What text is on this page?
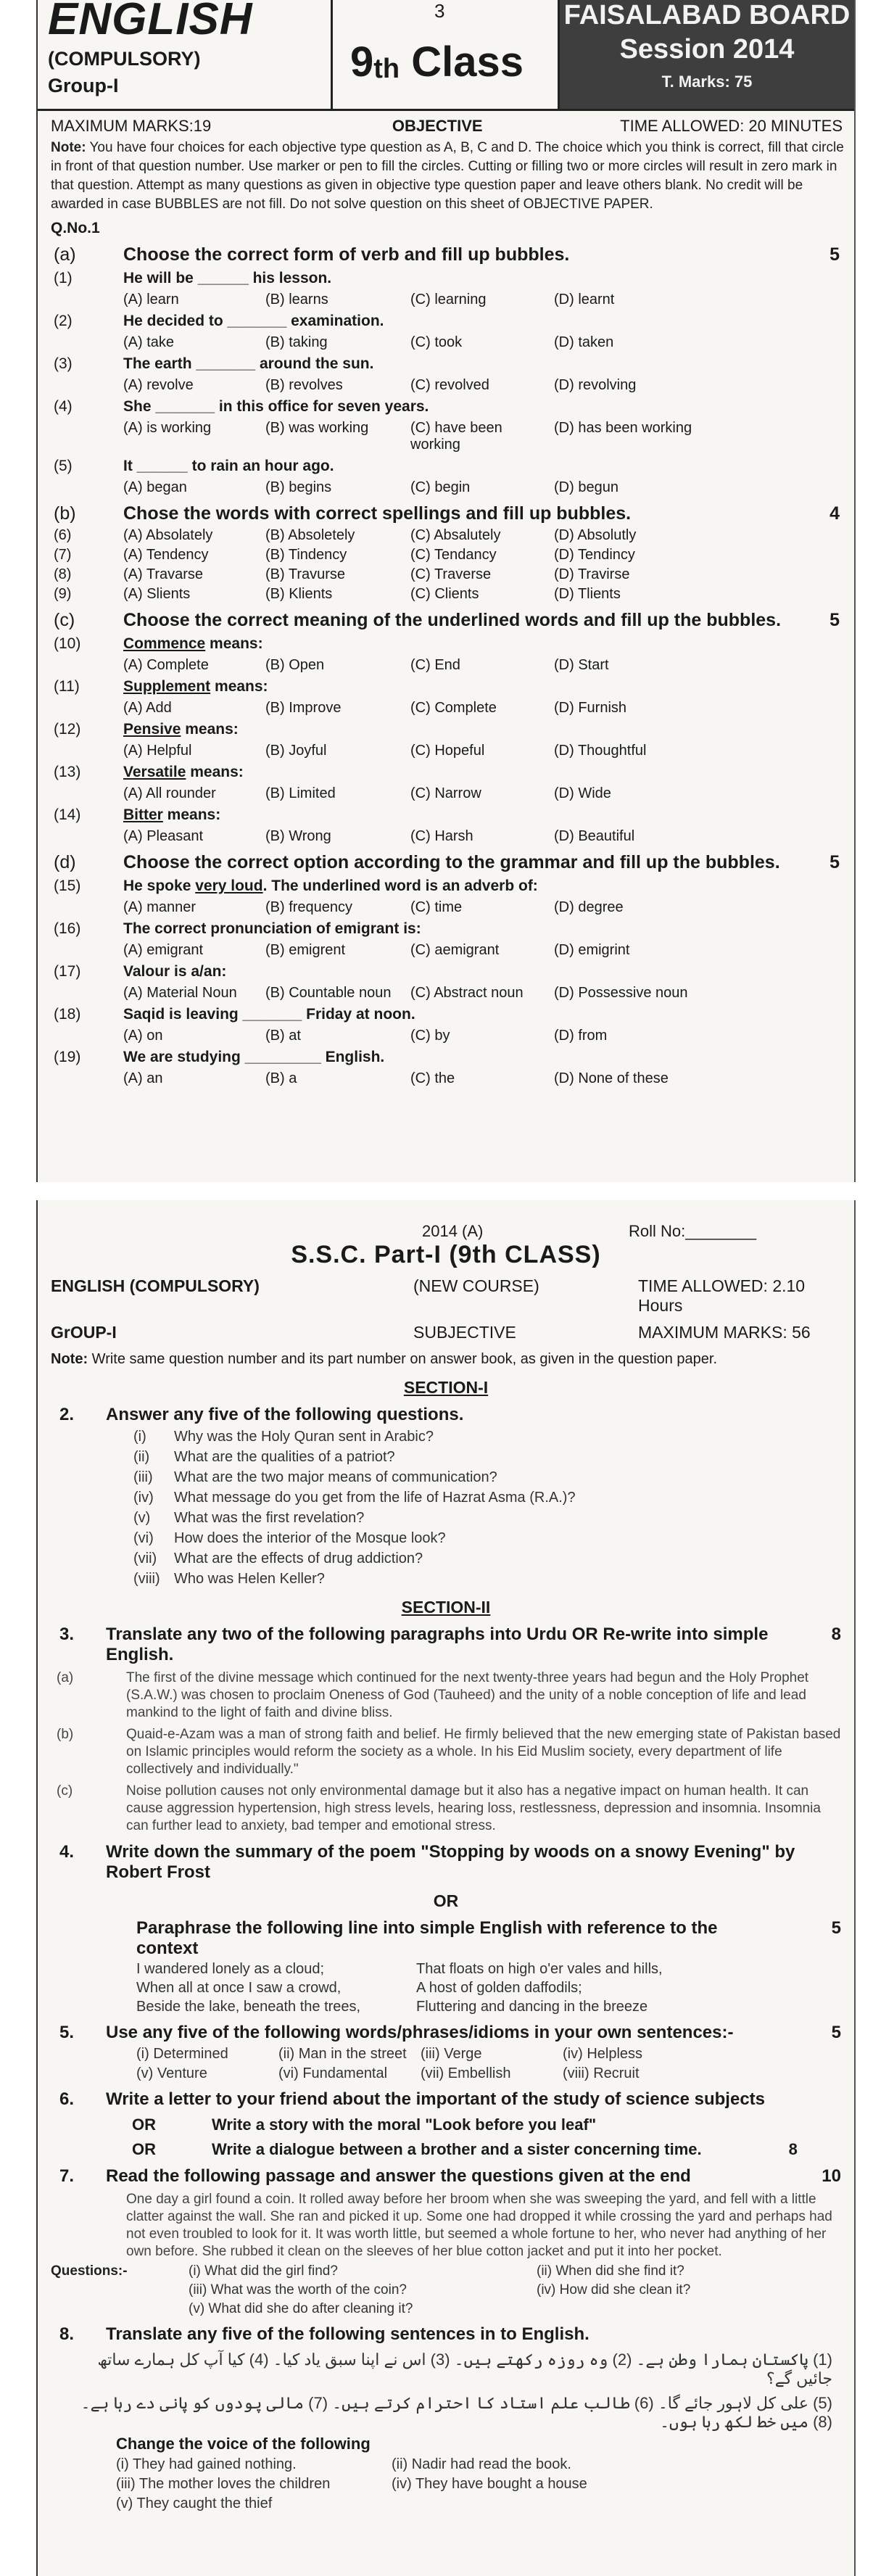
ENGLISH
(COMPULSORY)
Group-I
3
9th Class
FAISALABAD BOARD
Session 2014
T. Marks: 75
MAXIMUM MARKS:19	OBJECTIVE	TIME ALLOWED: 20 MINUTES
Note: You have four choices for each objective type question as A, B, C and D. The choice which you think is correct, fill that circle in front of that question number. Use marker or pen to fill the circles. Cutting or filling two or more circles will result in zero mark in that question. Attempt as many questions as given in objective type question paper and leave others blank. No credit will be awarded in case BUBBLES are not fill. Do not solve question on this sheet of OBJECTIVE PAPER.
Q.No.1
(a)	Choose the correct form of verb and fill up bubbles.	5
(1)	He will be ______ his lesson.
(A) learn	(B) learns	(C) learning	(D) learnt
(2)	He decided to _______ examination.
(A) take	(B) taking	(C) took	(D) taken
(3)	The earth _______ around the sun.
(A) revolve	(B) revolves	(C) revolved	(D) revolving
(4)	She _______ in this office for seven years.
(A) is working	(B) was working	(C) have been working
(D) has been working
(5)	It ______ to rain an hour ago.
(A) began	(B) begins	(C) begin	(D) begun
(b)	Chose the words with correct spellings and fill up bubbles.	4
(6)	(A) Absolately	(B) Absoletely	(C) Absalutely	(D) Absolutly
(7)	(A) Tendency	(B) Tindency	(C) Tendancy	(D) Tendincy
(8)	(A) Travarse	(B) Travurse	(C) Traverse	(D) Travirse
(9)	(A) Slients	(B) Klients	(C) Clients	(D) Tlients
(c)	Choose the correct meaning of the underlined words and fill up the bubbles.	5
(10)	Commence means:
(A) Complete	(B) Open	(C) End	(D) Start
(11)	Supplement means:
(A) Add	(B) Improve	(C) Complete	(D) Furnish
(12)	Pensive means:
(A) Helpful	(B) Joyful	(C) Hopeful	(D) Thoughtful
(13)	Versatile means:
(A) All rounder	(B) Limited	(C) Narrow	(D) Wide
(14)	Bitter means:
(A) Pleasant	(B) Wrong	(C) Harsh	(D) Beautiful
(d)	Choose the correct option according to the grammar and fill up the bubbles.	5
(15)	He spoke very loud. The underlined word is an adverb of:
(A) manner	(B) frequency	(C) time	(D) degree
(16)	The correct pronunciation of emigrant is:
(A) emigrant	(B) emigrent	(C) aemigrant	(D) emigrint
(17)	Valour is a/an:
(A) Material Noun	(B) Countable noun	(C) Abstract noun	(D) Possessive noun
(18)	Saqid is leaving _______ Friday at noon.
(A) on	(B) at	(C) by	(D) from
(19)	We are studying _________ English.
(A) an	(B) a	(C) the	(D) None of these
2014 (A)	Roll No:________
S.S.C. Part-I (9th CLASS)
ENGLISH (COMPULSORY)	(NEW COURSE)	TIME ALLOWED: 2.10 Hours
GrOUP-I	SUBJECTIVE	MAXIMUM MARKS: 56
Note: Write same question number and its part number on answer book, as given in the question paper.
SECTION-I
2.	Answer any five of the following questions.
(i)	Why was the Holy Quran sent in Arabic?
(ii)	What are the qualities of a patriot?
(iii)	What are the two major means of communication?
(iv)	What message do you get from the life of Hazrat Asma (R.A.)?
(v)	What was the first revelation?
(vi)	How does the interior of the Mosque look?
(vii)	What are the effects of drug addiction?
(viii) Who was Helen Keller?
SECTION-II
3.	Translate any two of the following paragraphs into Urdu OR Re-write into simple English.
8
(a)	The first of the divine message which continued for the next twenty-three years had begun and the Holy Prophet (S.A.W.) was chosen to proclaim Oneness of God (Tauheed) and the unity of a noble conception of life and lead mankind to the light of faith and divine bliss.
(b)	Quaid-e-Azam was a man of strong faith and belief. He firmly believed that the new emerging state of Pakistan based on Islamic principles would reform the society as a whole. In his Eid Muslim society, every department of life collectively and individually."
(c)	Noise pollution causes not only environmental damage but it also has a negative impact on human health. It can cause aggression hypertension, high stress levels, hearing loss, restlessness, depression and insomnia. Insomnia can further lead to anxiety, bad temper and emotional stress.
4.	Write down the summary of the poem "Stopping by woods on a snowy Evening" by Robert Frost
OR
Paraphrase the following line into simple English with reference to the context
5
I wandered lonely as a cloud;	That floats on high o'er vales and hills,
When all at once I saw a crowd,	A host of golden daffodils;
Beside the lake, beneath the trees,	Fluttering and dancing in the breeze
5.	Use any five of the following words/phrases/idioms in your own sentences:-	5
(i) Determined	(ii) Man in the street (iii) Verge	(iv) Helpless
(v) Venture	(vi) Fundamental	(vii) Embellish	(viii) Recruit
6.	Write a letter to your friend about the important of the study of science subjects
OR	Write a story with the moral "Look before you leaf"
OR	Write a dialogue between a brother and a sister concerning time.	8
7.	Read the following passage and answer the questions given at the end	10
One day a girl found a coin. It rolled away before her broom when she was sweeping the yard, and fell with a little clatter against the wall. She ran and picked it up. Some one had dropped it while crossing the yard and perhaps had not even troubled to look for it. It was worth little, but seemed a whole fortune to her, who never had anything of her own before. She rubbed it clean on the sleeves of her blue cotton jacket and put it into her pocket.
Questions:-	(i) What did the girl find?	(ii) When did she find it?
(iii) What was the worth of the coin?	(iv) How did she clean it?
(v) What did she do after cleaning it?
8.	Translate any five of the following sentences in to English.
(1) پاکستان ہمارا وطن ہے۔ (2) وہ روزہ رکھتے ہیں۔ (3) اس نے اپنا سبق یاد کیا۔ (4) کیا آپ کل ہمارے ساتھ جائیں گے؟
(5) علی کل لاہور جائے گا۔ (6) طالب علم استاد کا احترام کرتے ہیں۔ (7) مالی پودوں کو پانی دے رہا ہے۔ (8) میں خط لکھ رہا ہوں۔
Change the voice of the following
(i) They had gained nothing.	(ii) Nadir had read the book.
(iii) The mother loves the children	(iv) They have bought a house
(v) They caught the thief
